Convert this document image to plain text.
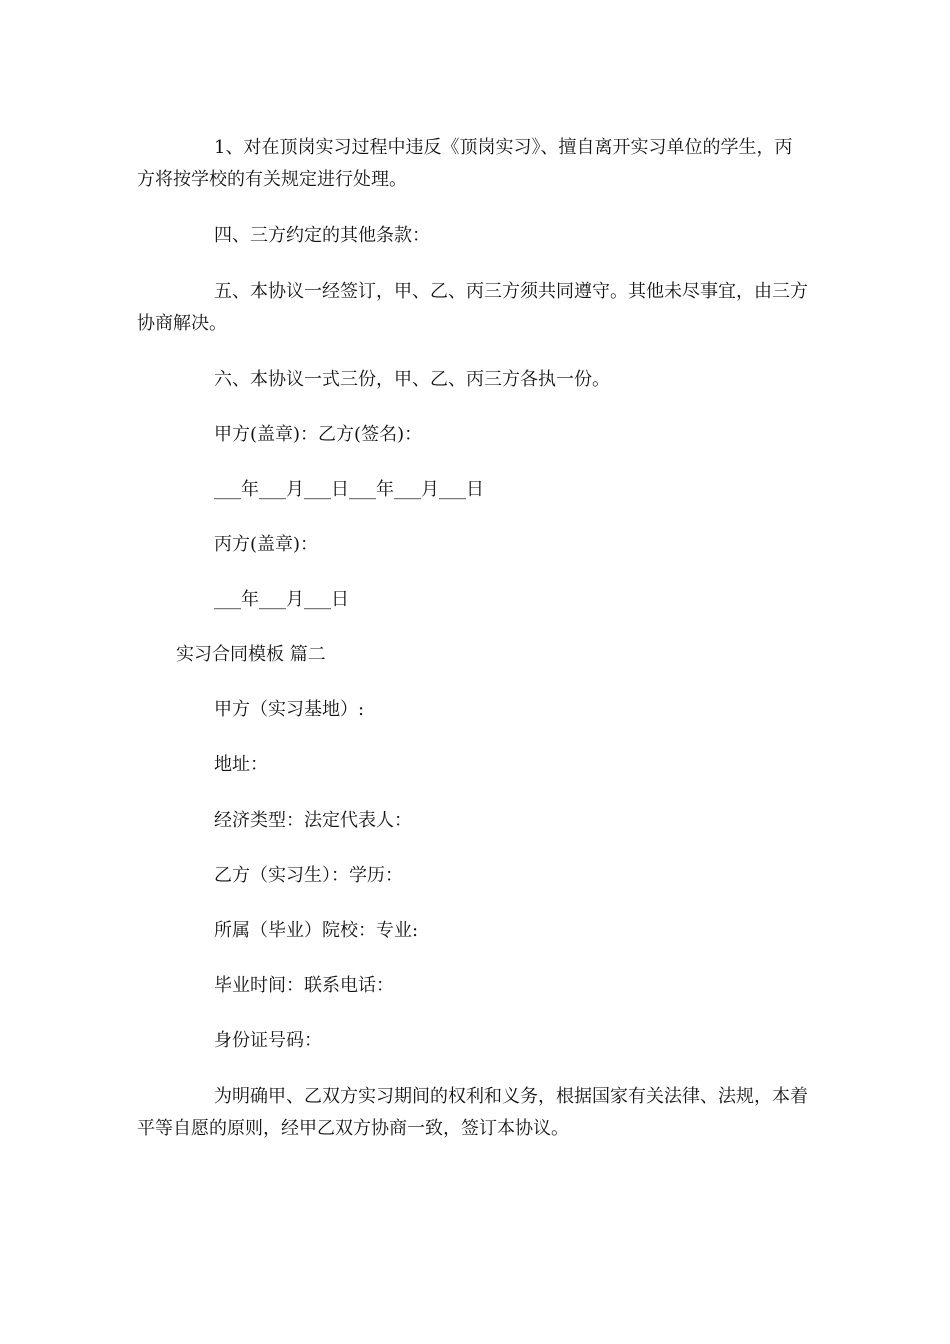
1、对在顶岗实习过程中违反《顶岗实习》、擅自离开实习单位的学生，丙方将按学校的有关规定进行处理。

四、三方约定的其他条款：

五、本协议一经签订，甲、乙、丙三方须共同遵守。其他未尽事宜，由三方协商解决。

六、本协议一式三份，甲、乙、丙三方各执一份。

甲方(盖章)：乙方(签名)：

___年___月___日___年___月___日

丙方(盖章)：

___年___月___日

实习合同模板 篇二

甲方（实习基地）:

地址：

经济类型：法定代表人：

乙方（实习生）：学历：

所属（毕业）院校：专业:

毕业时间：联系电话：

身份证号码：

为明确甲、乙双方实习期间的权利和义务，根据国家有关法律、法规，本着平等自愿的原则，经甲乙双方协商一致，签订本协议。
